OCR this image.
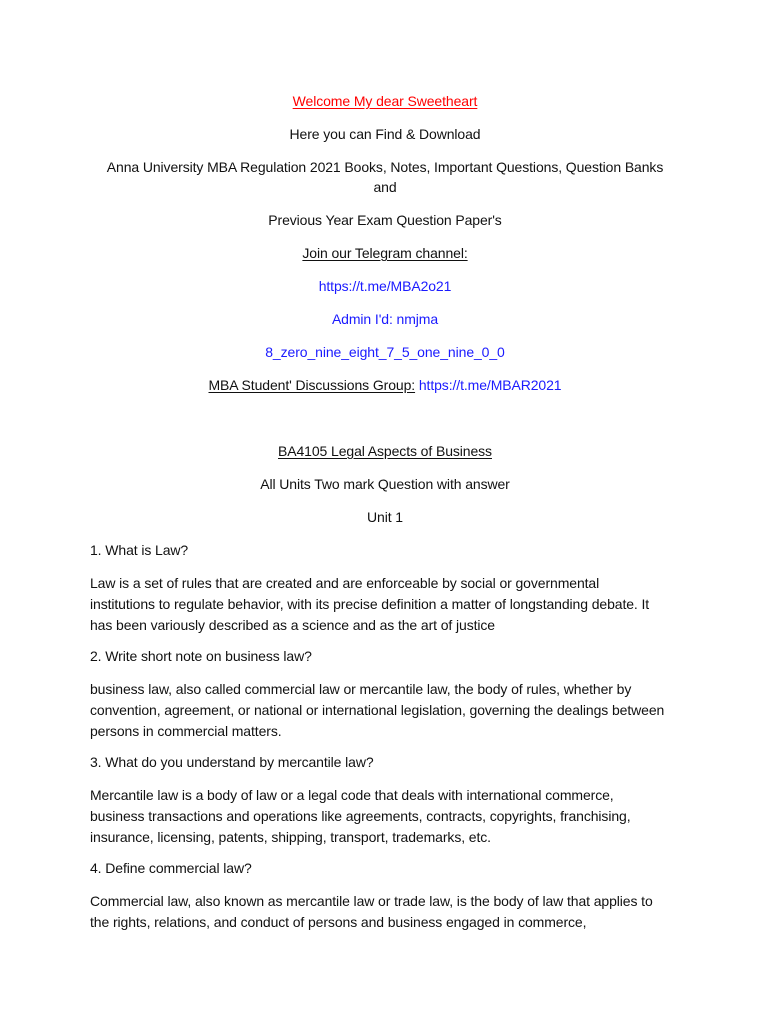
Welcome My dear Sweetheart

Here you can Find & Download

Anna University MBA Regulation 2021 Books, Notes, Important Questions, Question Banks

and

Previous Year Exam Question Paper's

Join our Telegram channel:

https://t.me/MBA2o21

Admin I'd: nmjma

8_zero_nine_eight_7_5_one_nine_0_0

MBA Student' Discussions Group: https://t.me/MBAR2021

BA4105 Legal Aspects of Business

All Units Two mark Question with answer

Unit 1

1. What is Law?

Law is a set of rules that are created and are enforceable by social or governmental

institutions to regulate behavior, with its precise definition a matter of longstanding debate. It

has been variously described as a science and as the art of justice

2. Write short note on business law?

business law, also called commercial law or mercantile law, the body of rules, whether by

convention, agreement, or national or international legislation, governing the dealings between

persons in commercial matters.

3. What do you understand by mercantile law?

Mercantile law is a body of law or a legal code that deals with international commerce,

business transactions and operations like agreements, contracts, copyrights, franchising,

insurance, licensing, patents, shipping, transport, trademarks, etc.

4. Define commercial law?

Commercial law, also known as mercantile law or trade law, is the body of law that applies to

the rights, relations, and conduct of persons and business engaged in commerce,
